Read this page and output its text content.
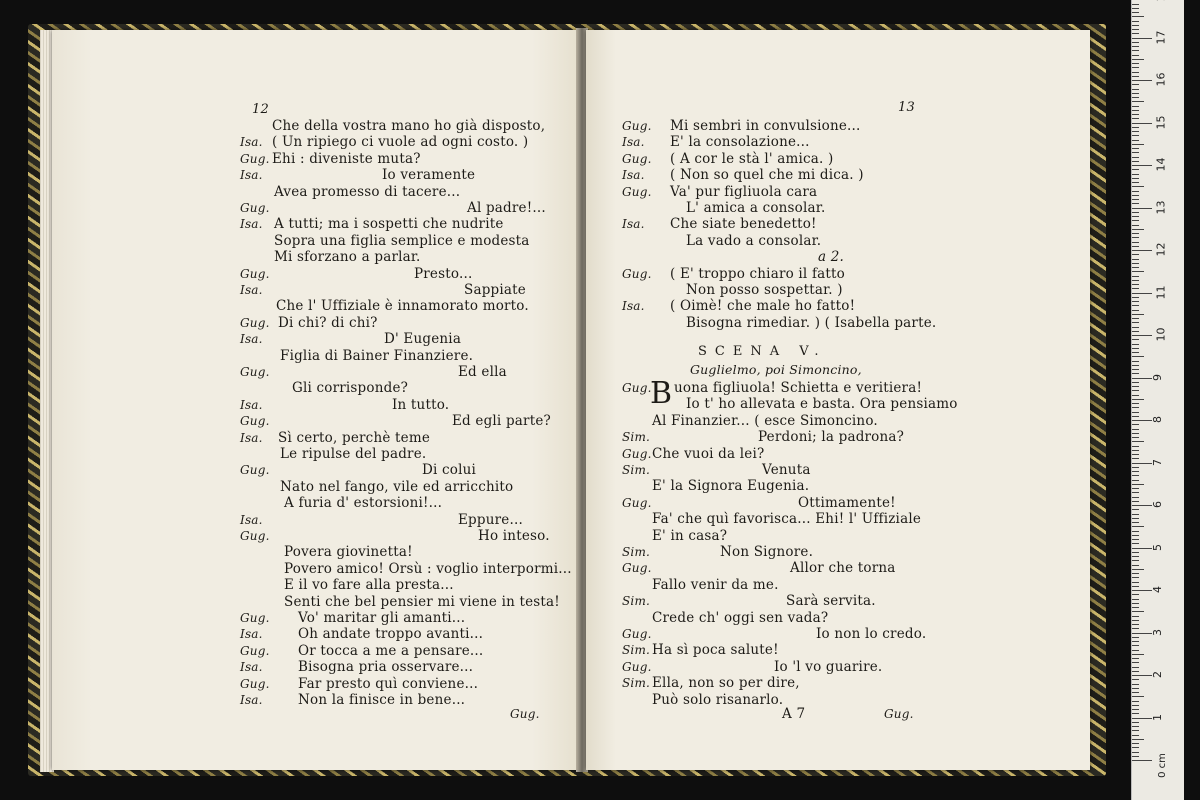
12
Che della vostra mano ho già disposto,
Isa. ( Un ripiego ci vuole ad ogni costo. )
Gug. Ehi : diveniste muta?
Isa.	Io veramente
Avea promesso di tacere...
Gug.	Al padre!...
Isa. A tutti; ma i sospetti che nudrite
Sopra una figlia semplice e modesta
Mi sforzano a parlar.
Gug.	Presto...
Isa.	Sappiate
Che l' Uffiziale è innamorato morto.
Gug. Di chi? di chi?
Isa.	D' Eugenia
Figlia di Bainer Finanziere.
Gug.	Ed ella
Gli corrisponde?
Isa.	In tutto.
Gug.	Ed egli parte?
Isa. Sì certo, perchè teme
Le ripulse del padre.
Gug.	Di colui
Nato nel fango, vile ed arricchito
A furia d' estorsioni!...
Isa.	Eppure...
Gug.	Ho inteso.
Povera giovinetta!
Povero amico! Orsù : voglio interpormi...
E il vo fare alla presta...
Senti che bel pensier mi viene in testa!
Gug. Vo' maritar gli amanti...
Isa.	Oh andate troppo avanti...
Gug. Or tocca a me a pensare...
Isa.	Bisogna pria osservare...
Gug. Far presto quì conviene...
Isa.	Non la finisce in bene...
Gug.
13
Gug. Mi sembri in convulsione...
Isa. E' la consolazione...
Gug. ( A cor le stà l' amica. )
Isa. ( Non so quel che mi dica. )
Gug. Va' pur figliuola cara
L' amica a consolar.
Isa. Che siate benedetto!
La vado a consolar.
a 2.
Gug. ( E' troppo chiaro il fatto
Non posso sospettar. )
Isa. ( Oimè! che male ho fatto!
Bisogna rimediar. ) ( Isabella parte.
SCENA V.
Guglielmo, poi Simoncino,
B
Gug. uona figliuola! Schietta e veritiera!
Io t' ho allevata e basta. Ora pensiamo
Al Finanzier... ( esce Simoncino.
Sim.	Perdoni; la padrona?
Gug. Che vuoi da lei?
Sim.	Venuta
E' la Signora Eugenia.
Gug.	Ottimamente!
Fa' che quì favorisca... Ehi! l' Uffiziale
E' in casa?
Sim.	Non Signore.
Gug.	Allor che torna
Fallo venir da me.
Sim.	Sarà servita.
Crede ch' oggi sen vada?
Gug.	Io non lo credo.
Sim. Ha sì poca salute!
Gug.	Io 'l vo guarire.
Sim. Ella, non so per dire,
Può solo risanarlo.
A 7	Gug.
0 cm
1
2
3
4
5
6
7
8
9
10
11
12
13
14
15
16
17
